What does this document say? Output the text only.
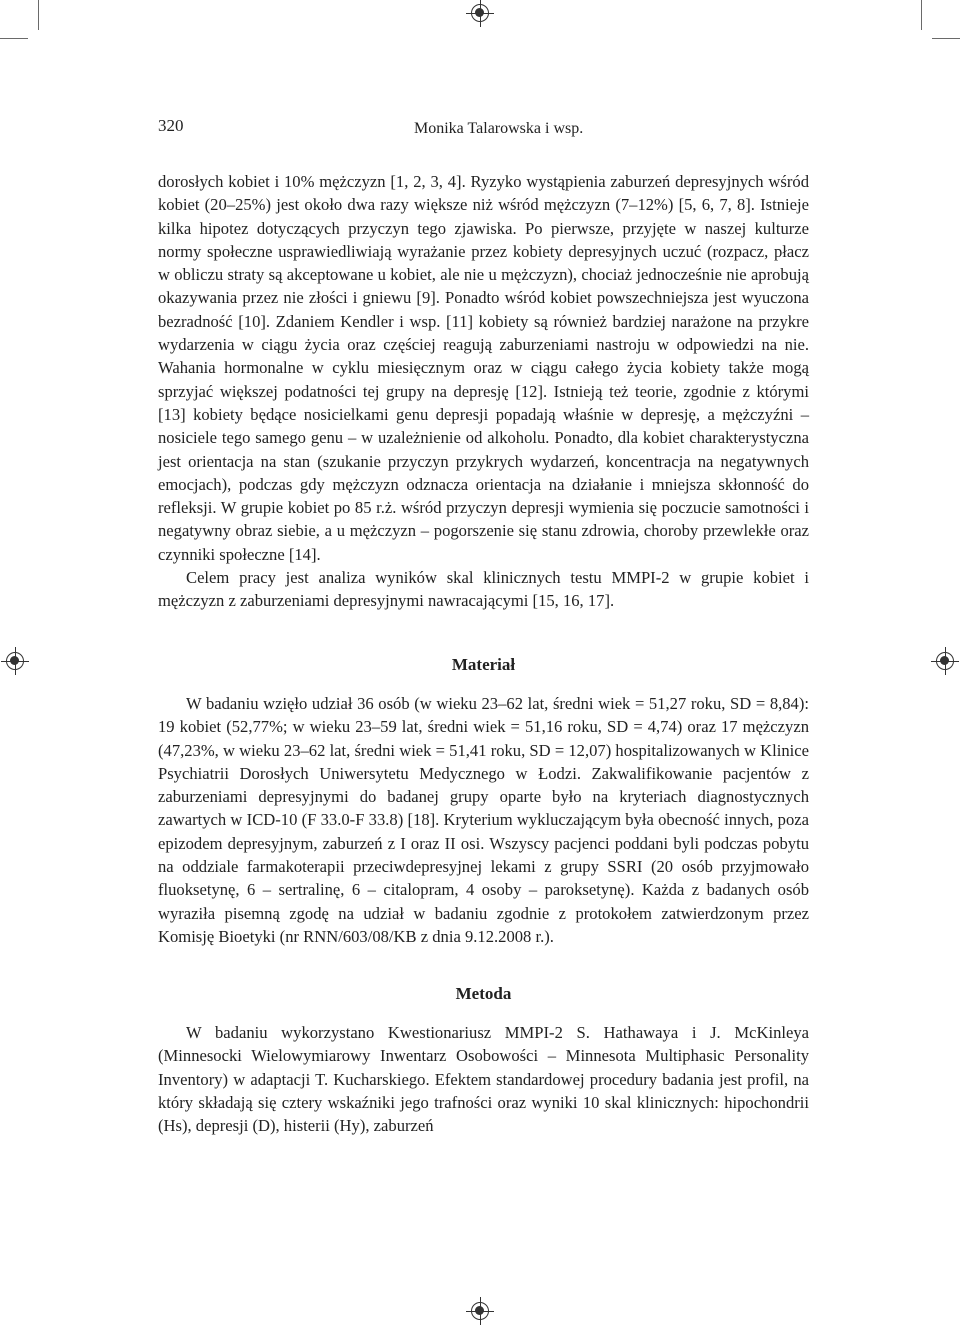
320	Monika Talarowska i wsp.

dorosłych kobiet i 10% mężczyzn [1, 2, 3, 4]. Ryzyko wystąpienia zaburzeń depresyjnych wśród kobiet (20–25%) jest około dwa razy większe niż wśród mężczyzn (7–12%) [5, 6, 7, 8]. Istnieje kilka hipotez dotyczących przyczyn tego zjawiska. Po pierwsze, przyjęte w naszej kulturze normy społeczne usprawiedliwiają wyrażanie przez kobiety depresyjnych uczuć (rozpacz, płacz w obliczu straty są akceptowane u kobiet, ale nie u mężczyzn), chociaż jednocześnie nie aprobują okazywania przez nie złości i gniewu [9]. Ponadto wśród kobiet powszechniejsza jest wyuczona bezradność [10]. Zdaniem Kendler i wsp. [11] kobiety są również bardziej narażone na przykre wydarzenia w ciągu życia oraz częściej reagują zaburzeniami nastroju w odpowiedzi na nie. Wahania hormonalne w cyklu miesięcznym oraz w ciągu całego życia kobiety także mogą sprzyjać większej podatności tej grupy na depresję [12]. Istnieją też teorie, zgodnie z którymi [13] kobiety będące nosicielkami genu depresji popadają właśnie w depresję, a mężczyźni – nosiciele tego samego genu – w uzależnienie od alkoholu. Ponadto, dla kobiet charakterystyczna jest orientacja na stan (szukanie przyczyn przykrych wydarzeń, koncentracja na negatywnych emocjach), podczas gdy mężczyzn odznacza orientacja na działanie i mniejsza skłonność do refleksji. W grupie kobiet po 85 r.ż. wśród przyczyn depresji wymienia się poczucie samotności i negatywny obraz siebie, a u mężczyzn – pogorszenie się stanu zdrowia, choroby przewlekłe oraz czynniki społeczne [14].

Celem pracy jest analiza wyników skal klinicznych testu MMPI-2 w grupie kobiet i mężczyzn z zaburzeniami depresyjnymi nawracającymi [15, 16, 17].

Materiał

W badaniu wzięło udział 36 osób (w wieku 23–62 lat, średni wiek = 51,27 roku, SD = 8,84): 19 kobiet (52,77%; w wieku 23–59 lat, średni wiek = 51,16 roku, SD = 4,74) oraz 17 mężczyzn (47,23%, w wieku 23–62 lat, średni wiek = 51,41 roku, SD = 12,07) hospitalizowanych w Klinice Psychiatrii Dorosłych Uniwersytetu Medycznego w Łodzi. Zakwalifikowanie pacjentów z zaburzeniami depresyjnymi do badanej grupy oparte było na kryteriach diagnostycznych zawartych w ICD-10 (F 33.0-F 33.8) [18]. Kryterium wykluczającym była obecność innych, poza epizodem depresyjnym, zaburzeń z I oraz II osi. Wszyscy pacjenci poddani byli podczas pobytu na oddziale farmakoterapii przeciwdepresyjnej lekami z grupy SSRI (20 osób przyjmowało fluoksetynę, 6 – sertralinę, 6 – citalopram, 4 osoby – paroksetynę). Każda z badanych osób wyraziła pisemną zgodę na udział w badaniu zgodnie z protokołem zatwierdzonym przez Komisję Bioetyki (nr RNN/603/08/KB z dnia 9.12.2008 r.).

Metoda

W badaniu wykorzystano Kwestionariusz MMPI-2 S. Hathawaya i J. McKinleya (Minnesocki Wielowymiarowy Inwentarz Osobowości – Minnesota Multiphasic Personality Inventory) w adaptacji T. Kucharskiego. Efektem standardowej procedury badania jest profil, na który składają się cztery wskaźniki jego trafności oraz wyniki 10 skal klinicznych: hipochondrii (Hs), depresji (D), histerii (Hy), zaburzeń
